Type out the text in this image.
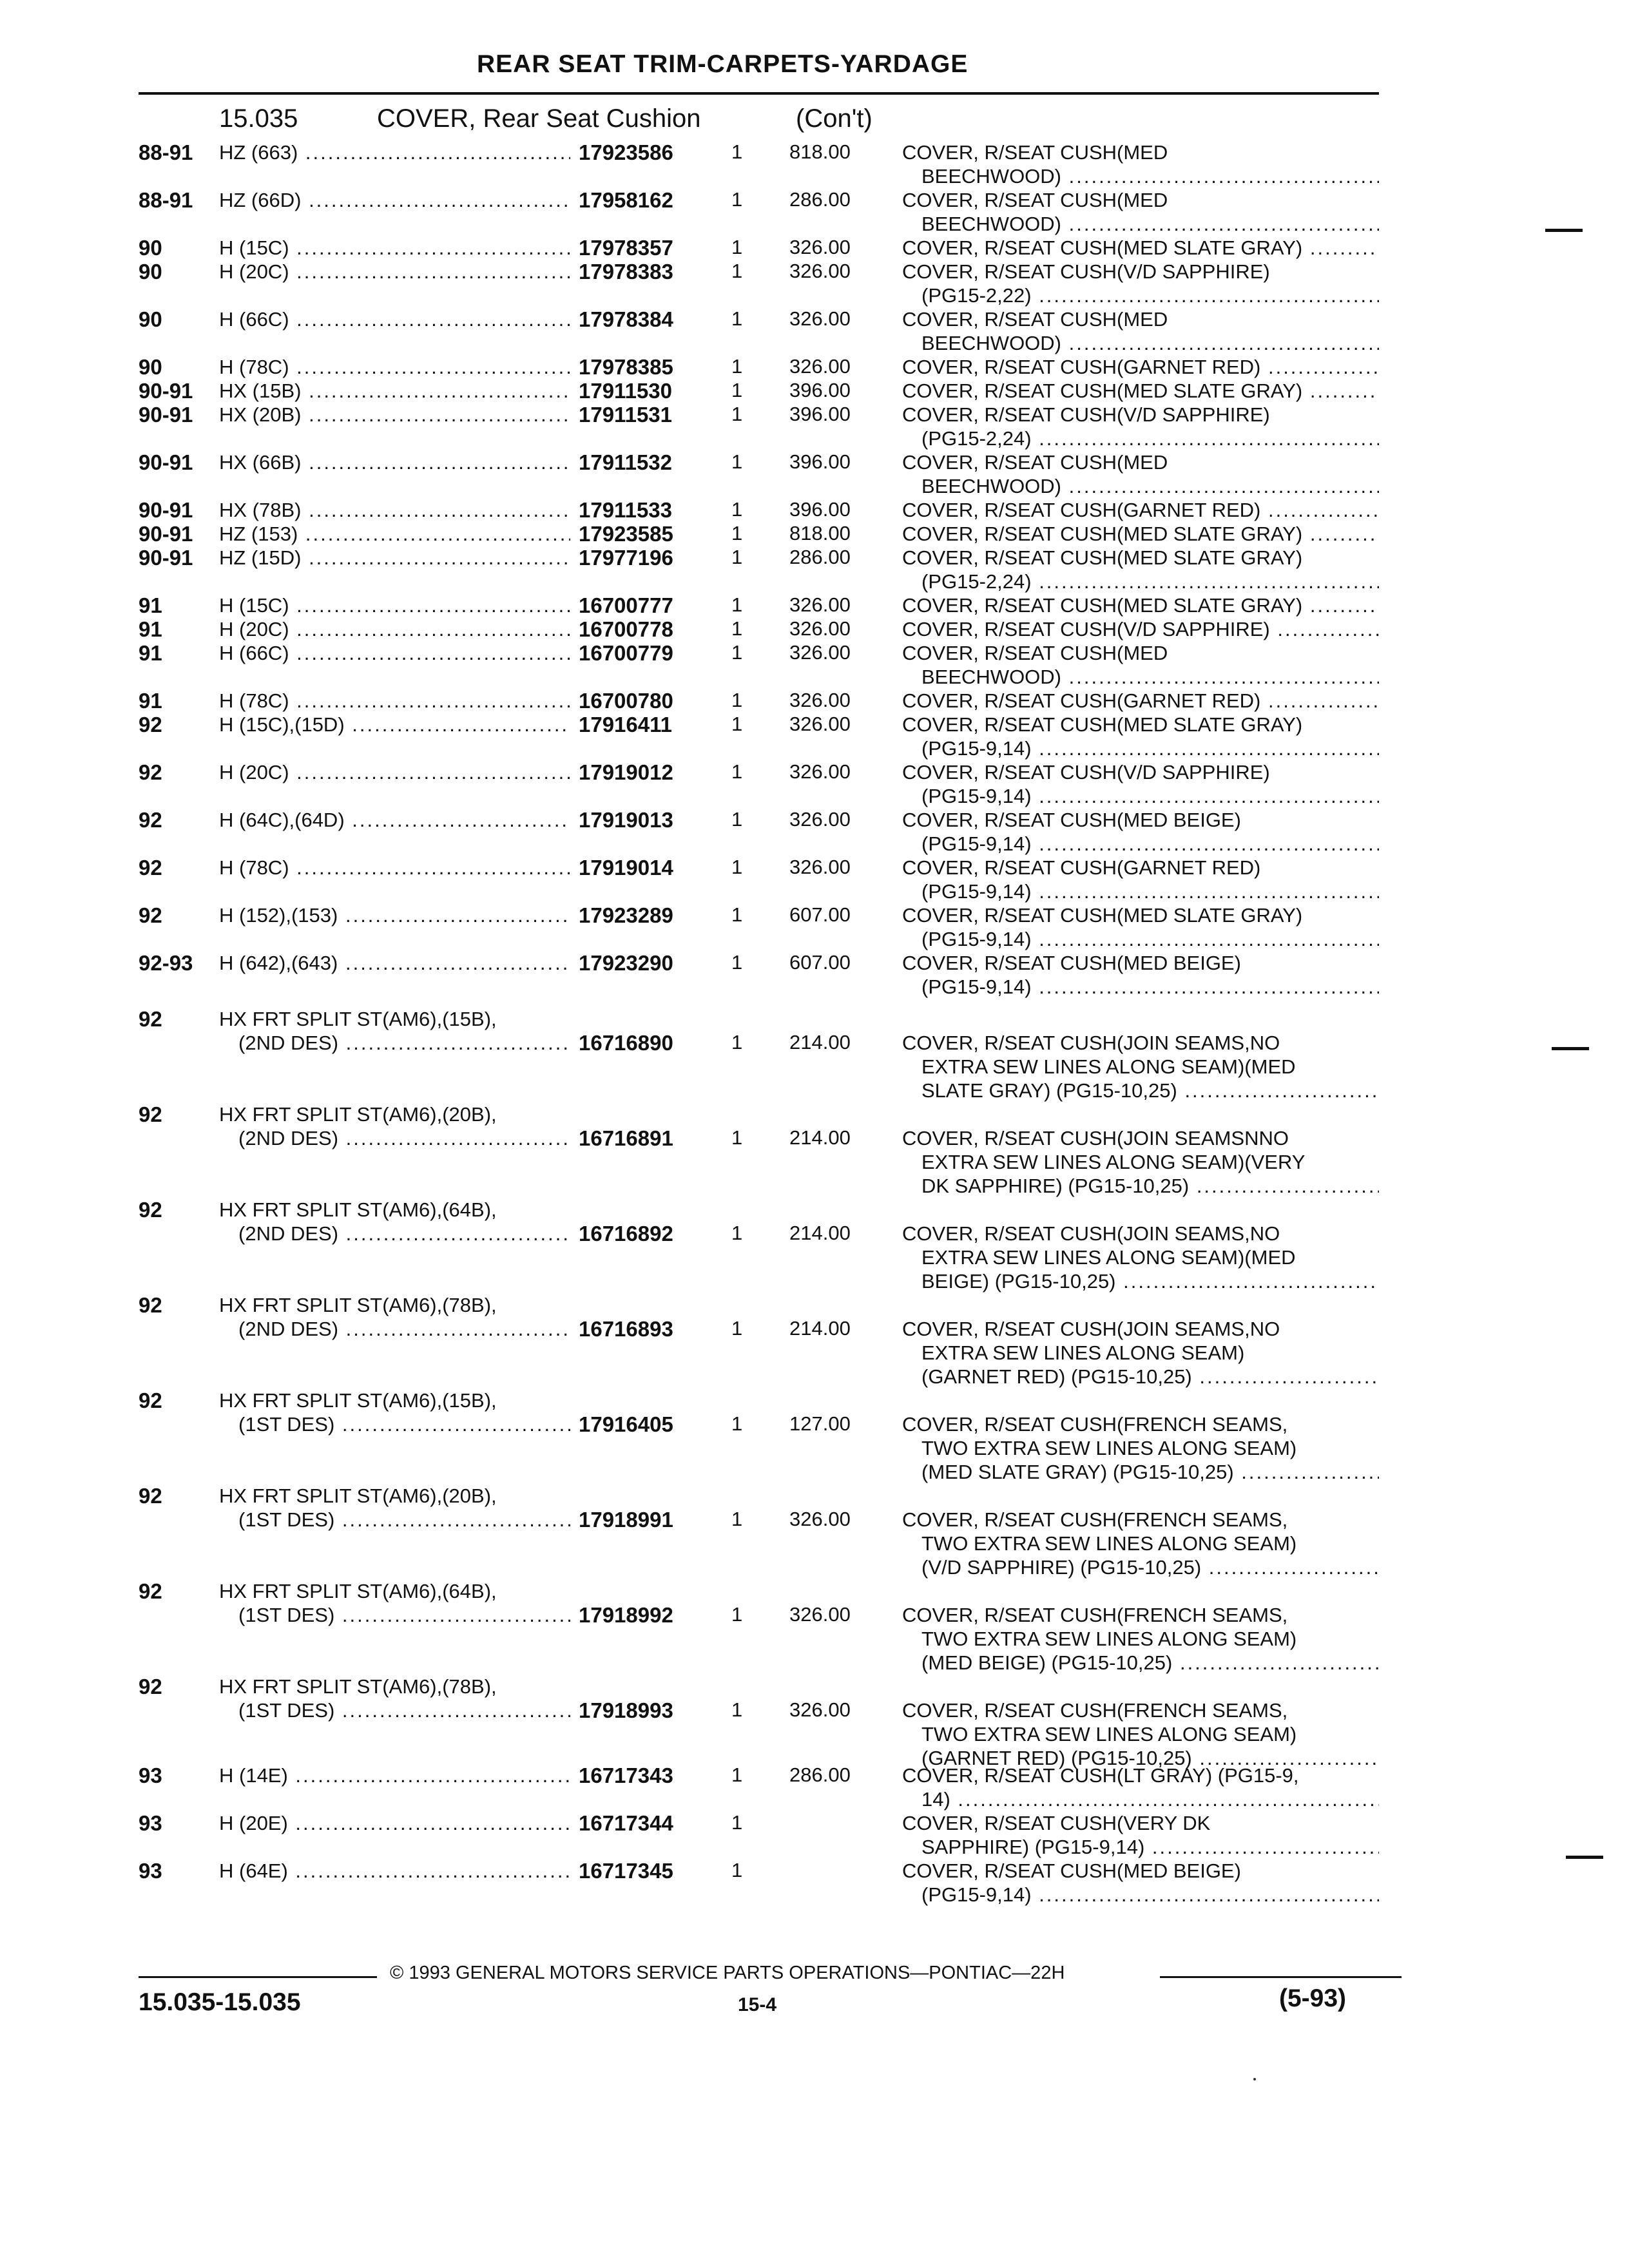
REAR SEAT TRIM-CARPETS-YARDAGE
15.035	COVER, Rear Seat Cushion	(Con't)
88-91 HZ (663) .....	17923586	1 818.00	COVER, R/SEAT CUSH(MED
BEECHWOOD) .....
88-91 HZ (66D) .....	17958162	1 286.00	COVER, R/SEAT CUSH(MED
BEECHWOOD) .....
90	H (15C) .....	17978357	1 326.00	COVER, R/SEAT CUSH(MED SLATE GRAY) .....
90	H (20C) .....	17978383	1 326.00	COVER, R/SEAT CUSH(V/D SAPPHIRE)
(PG15-2,22) .....
90	H (66C) .....	17978384	1 326.00	COVER, R/SEAT CUSH(MED
BEECHWOOD) .....
90	H (78C) .....	17978385	1 326.00	COVER, R/SEAT CUSH(GARNET RED) .....
90-91 HX (15B) .....	17911530	1 396.00	COVER, R/SEAT CUSH(MED SLATE GRAY) .....
90-91 HX (20B) .....	17911531	1 396.00	COVER, R/SEAT CUSH(V/D SAPPHIRE)
(PG15-2,24) .....
90-91 HX (66B) .....	17911532	1 396.00	COVER, R/SEAT CUSH(MED
BEECHWOOD) .....
90-91 HX (78B) .....	17911533	1 396.00	COVER, R/SEAT CUSH(GARNET RED) .....
90-91 HZ (153) .....	17923585	1 818.00	COVER, R/SEAT CUSH(MED SLATE GRAY) .....
90-91 HZ (15D) .....	17977196	1 286.00	COVER, R/SEAT CUSH(MED SLATE GRAY)
(PG15-2,24) .....
91	H (15C) .....	16700777	1 326.00	COVER, R/SEAT CUSH(MED SLATE GRAY) .....
91	H (20C) .....	16700778	1 326.00	COVER, R/SEAT CUSH(V/D SAPPHIRE) .....
91	H (66C) .....	16700779	1 326.00	COVER, R/SEAT CUSH(MED
BEECHWOOD) .....
91	H (78C) .....	16700780	1 326.00	COVER, R/SEAT CUSH(GARNET RED) .....
92	H (15C),(15D) .....	17916411	1 326.00	COVER, R/SEAT CUSH(MED SLATE GRAY)
(PG15-9,14) .....
92	H (20C) .....	17919012	1 326.00	COVER, R/SEAT CUSH(V/D SAPPHIRE)
(PG15-9,14) .....
92	H (64C),(64D) .....	17919013	1 326.00	COVER, R/SEAT CUSH(MED BEIGE)
(PG15-9,14) .....
92	H (78C) .....	17919014	1 326.00	COVER, R/SEAT CUSH(GARNET RED)
(PG15-9,14) .....
92	H (152),(153) .....	17923289	1 607.00	COVER, R/SEAT CUSH(MED SLATE GRAY)
(PG15-9,14) .....
92-93 H (642),(643) .....	17923290	1 607.00	COVER, R/SEAT CUSH(MED BEIGE)
(PG15-9,14) .....
92	HX FRT SPLIT ST(AM6),(15B),
(2ND DES) .....	16716890	1 214.00	COVER, R/SEAT CUSH(JOIN SEAMS,NO
EXTRA SEW LINES ALONG SEAM)(MED
SLATE GRAY) (PG15-10,25) .....
92	HX FRT SPLIT ST(AM6),(20B),
(2ND DES) .....	16716891	1 214.00	COVER, R/SEAT CUSH(JOIN SEAMSNNO
EXTRA SEW LINES ALONG SEAM)(VERY
DK SAPPHIRE) (PG15-10,25) .....
92	HX FRT SPLIT ST(AM6),(64B),
(2ND DES) .....	16716892	1 214.00	COVER, R/SEAT CUSH(JOIN SEAMS,NO
EXTRA SEW LINES ALONG SEAM)(MED
BEIGE) (PG15-10,25) .....
92	HX FRT SPLIT ST(AM6),(78B),
(2ND DES) .....	16716893	1 214.00	COVER, R/SEAT CUSH(JOIN SEAMS,NO
EXTRA SEW LINES ALONG SEAM)
(GARNET RED) (PG15-10,25) .....
92	HX FRT SPLIT ST(AM6),(15B),
(1ST DES) .....	17916405	1 127.00	COVER, R/SEAT CUSH(FRENCH SEAMS,
TWO EXTRA SEW LINES ALONG SEAM)
(MED SLATE GRAY) (PG15-10,25) .....
92	HX FRT SPLIT ST(AM6),(20B),
(1ST DES) .....	17918991	1 326.00	COVER, R/SEAT CUSH(FRENCH SEAMS,
TWO EXTRA SEW LINES ALONG SEAM)
(V/D SAPPHIRE) (PG15-10,25) .....
92	HX FRT SPLIT ST(AM6),(64B),
(1ST DES) .....	17918992	1 326.00	COVER, R/SEAT CUSH(FRENCH SEAMS,
TWO EXTRA SEW LINES ALONG SEAM)
(MED BEIGE) (PG15-10,25) .....
92	HX FRT SPLIT ST(AM6),(78B),
(1ST DES) .....	17918993	1 326.00	COVER, R/SEAT CUSH(FRENCH SEAMS,
TWO EXTRA SEW LINES ALONG SEAM)
(GARNET RED) (PG15-10,25) .....
93	H (14E) .....	16717343	1 286.00	COVER, R/SEAT CUSH(LT GRAY) (PG15-9,
14) .....
93	H (20E) .....	16717344	1	COVER, R/SEAT CUSH(VERY DK
SAPPHIRE) (PG15-9,14) .....
93	H (64E) .....	16717345	1	COVER, R/SEAT CUSH(MED BEIGE)
(PG15-9,14) .....
© 1993 GENERAL MOTORS SERVICE PARTS OPERATIONS—PONTIAC—22H
15.035-15.035	15-4	(5-93)
